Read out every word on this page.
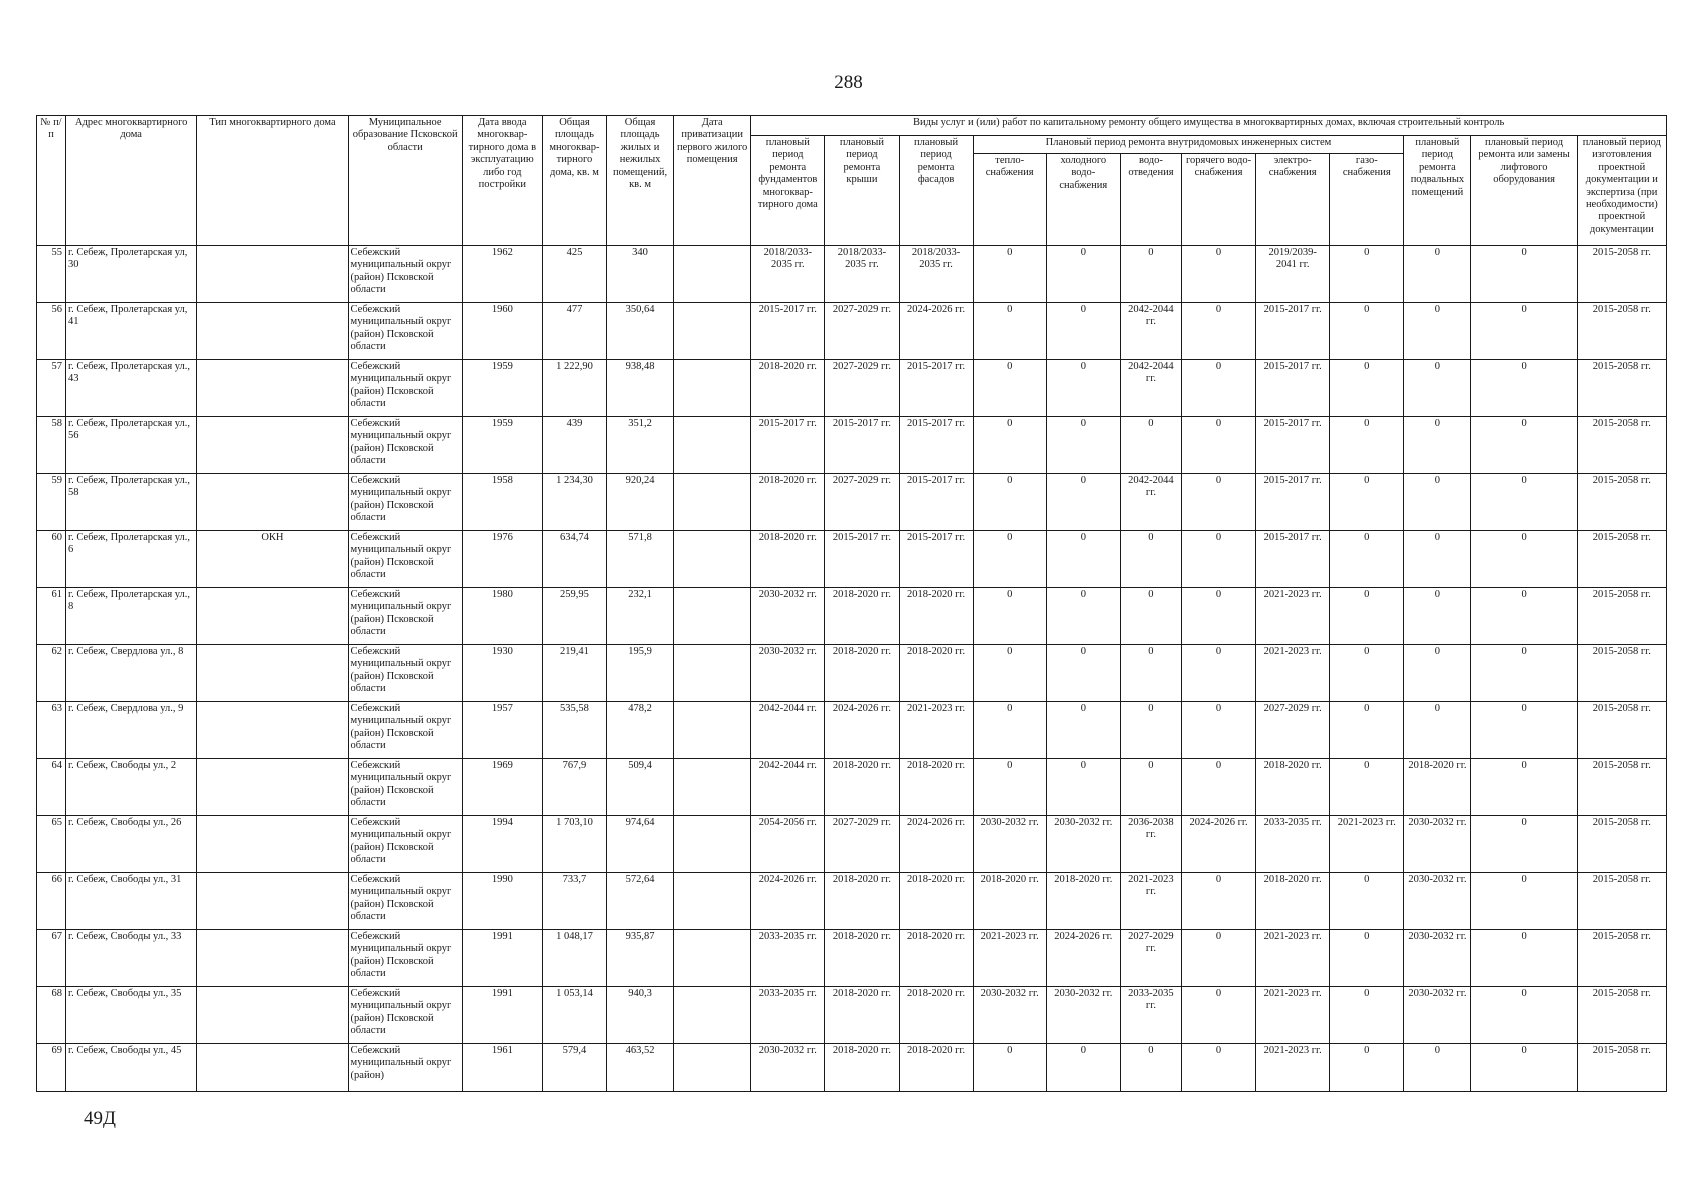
288
№ п/п	Адрес многоквартирного дома	Тип многоквартирного дома	Муниципальное образование Псковской области	Дата ввода многоквар-тирного дома в эксплуатацию либо год постройки	Общая площадь многоквар-тирного дома, кв. м	Общая площадь жилых и нежилых помещений, кв. м	Дата приватизации первого жилого помещения	Виды услуг и (или) работ по капитальному ремонту общего имущества в многоквартирных домах, включая строительный контроль											
								плановый период ремонта фундаментов многоквар-тирного дома	плановый период ремонта крыши	плановый период ремонта фасадов	Плановый период ремонта внутридомовых инженерных систем						плановый период ремонта подвальных помещений	плановый период ремонта или замены лифтового оборудования	плановый период изготовления проектной документации и экспертиза (при необходимости) проектной документации
											тепло-снабжения	холодного водо-снабжения	водо-отведения	горячего водо-снабжения	электро-снабжения	газо-снабжения			
55	г. Себеж, Пролетарская ул, 30		Себежский муниципальный округ (район) Псковской области	1962	425	340		2018/2033-2035 гг.	2018/2033-2035 гг.	2018/2033-2035 гг.	0	0	0	0	2019/2039-2041 гг.	0	0	0	2015-2058 гг.
56	г. Себеж, Пролетарская ул, 41		Себежский муниципальный округ (район) Псковской области	1960	477	350,64		2015-2017 гг.	2027-2029 гг.	2024-2026 гг.	0	0	2042-2044 гг.	0	2015-2017 гг.	0	0	0	2015-2058 гг.
57	г. Себеж, Пролетарская ул., 43		Себежский муниципальный округ (район) Псковской области	1959	1 222,90	938,48		2018-2020 гг.	2027-2029 гг.	2015-2017 гг.	0	0	2042-2044 гг.	0	2015-2017 гг.	0	0	0	2015-2058 гг.
58	г. Себеж, Пролетарская ул., 56		Себежский муниципальный округ (район) Псковской области	1959	439	351,2		2015-2017 гг.	2015-2017 гг.	2015-2017 гг.	0	0	0	0	2015-2017 гг.	0	0	0	2015-2058 гг.
59	г. Себеж, Пролетарская ул., 58		Себежский муниципальный округ (район) Псковской области	1958	1 234,30	920,24		2018-2020 гг.	2027-2029 гг.	2015-2017 гг.	0	0	2042-2044 гг.	0	2015-2017 гг.	0	0	0	2015-2058 гг.
60	г. Себеж, Пролетарская ул., 6	ОКН	Себежский муниципальный округ (район) Псковской области	1976	634,74	571,8		2018-2020 гг.	2015-2017 гг.	2015-2017 гг.	0	0	0	0	2015-2017 гг.	0	0	0	2015-2058 гг.
61	г. Себеж, Пролетарская ул., 8		Себежский муниципальный округ (район) Псковской области	1980	259,95	232,1		2030-2032 гг.	2018-2020 гг.	2018-2020 гг.	0	0	0	0	2021-2023 гг.	0	0	0	2015-2058 гг.
62	г. Себеж, Свердлова ул., 8		Себежский муниципальный округ (район) Псковской области	1930	219,41	195,9		2030-2032 гг.	2018-2020 гг.	2018-2020 гг.	0	0	0	0	2021-2023 гг.	0	0	0	2015-2058 гг.
63	г. Себеж, Свердлова ул., 9		Себежский муниципальный округ (район) Псковской области	1957	535,58	478,2		2042-2044 гг.	2024-2026 гг.	2021-2023 гг.	0	0	0	0	2027-2029 гг.	0	0	0	2015-2058 гг.
64	г. Себеж, Свободы ул., 2		Себежский муниципальный округ (район) Псковской области	1969	767,9	509,4		2042-2044 гг.	2018-2020 гг.	2018-2020 гг.	0	0	0	0	2018-2020 гг.	0	2018-2020 гг.	0	2015-2058 гг.
65	г. Себеж, Свободы ул., 26		Себежский муниципальный округ (район) Псковской области	1994	1 703,10	974,64		2054-2056 гг.	2027-2029 гг.	2024-2026 гг.	2030-2032 гг.	2030-2032 гг.	2036-2038 гг.	2024-2026 гг.	2033-2035 гг.	2021-2023 гг.	2030-2032 гг.	0	2015-2058 гг.
66	г. Себеж, Свободы ул., 31		Себежский муниципальный округ (район) Псковской области	1990	733,7	572,64		2024-2026 гг.	2018-2020 гг.	2018-2020 гг.	2018-2020 гг.	2018-2020 гг.	2021-2023 гг.	0	2018-2020 гг.	0	2030-2032 гг.	0	2015-2058 гг.
67	г. Себеж, Свободы ул., 33		Себежский муниципальный округ (район) Псковской области	1991	1 048,17	935,87		2033-2035 гг.	2018-2020 гг.	2018-2020 гг.	2021-2023 гг.	2024-2026 гг.	2027-2029 гг.	0	2021-2023 гг.	0	2030-2032 гг.	0	2015-2058 гг.
68	г. Себеж, Свободы ул., 35		Себежский муниципальный округ (район) Псковской области	1991	1 053,14	940,3		2033-2035 гг.	2018-2020 гг.	2018-2020 гг.	2030-2032 гг.	2030-2032 гг.	2033-2035 гг.	0	2021-2023 гг.	0	2030-2032 гг.	0	2015-2058 гг.
69	г. Себеж, Свободы ул., 45		Себежский муниципальный округ (район)	1961	579,4	463,52		2030-2032 гг.	2018-2020 гг.	2018-2020 гг.	0	0	0	0	2021-2023 гг.	0	0	0	2015-2058 гг.
49Д
